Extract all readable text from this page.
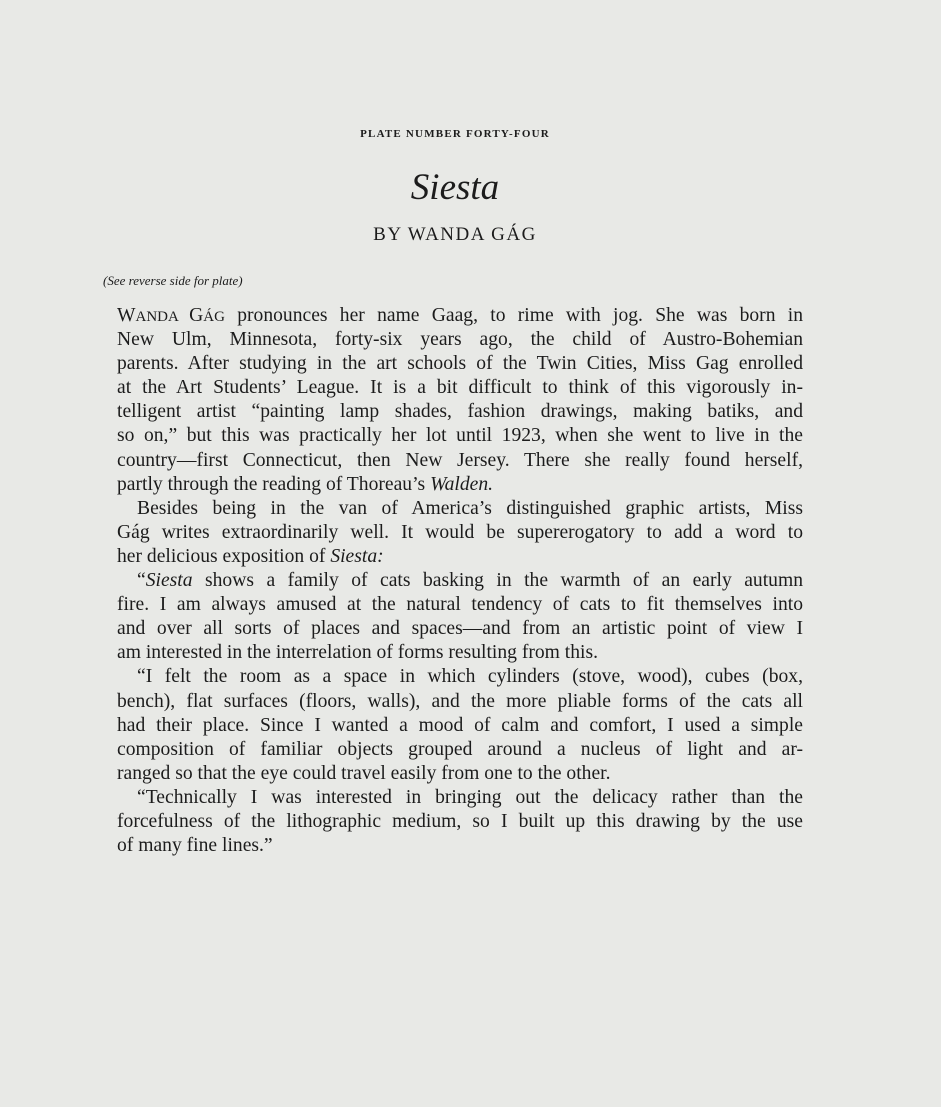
PLATE NUMBER FORTY-FOUR
Siesta
BY WANDA GÁG
(See reverse side for plate)
WANDA GÁG pronounces her name Gaag, to rime with jog. She was born in
New Ulm, Minnesota, forty-six years ago, the child of Austro-Bohemian
parents. After studying in the art schools of the Twin Cities, Miss Gag enrolled
at the Art Students’ League. It is a bit difficult to think of this vigorously in-
telligent artist “painting lamp shades, fashion drawings, making batiks, and
so on,” but this was practically her lot until 1923, when she went to live in the
country—first Connecticut, then New Jersey. There she really found herself,
partly through the reading of Thoreau’s Walden.
Besides being in the van of America’s distinguished graphic artists, Miss
Gág writes extraordinarily well. It would be supererogatory to add a word to
her delicious exposition of Siesta:
“Siesta shows a family of cats basking in the warmth of an early autumn
fire. I am always amused at the natural tendency of cats to fit themselves into
and over all sorts of places and spaces—and from an artistic point of view I
am interested in the interrelation of forms resulting from this.
“I felt the room as a space in which cylinders (stove, wood), cubes (box,
bench), flat surfaces (floors, walls), and the more pliable forms of the cats all
had their place. Since I wanted a mood of calm and comfort, I used a simple
composition of familiar objects grouped around a nucleus of light and ar-
ranged so that the eye could travel easily from one to the other.
“Technically I was interested in bringing out the delicacy rather than the
forcefulness of the lithographic medium, so I built up this drawing by the use
of many fine lines.”
